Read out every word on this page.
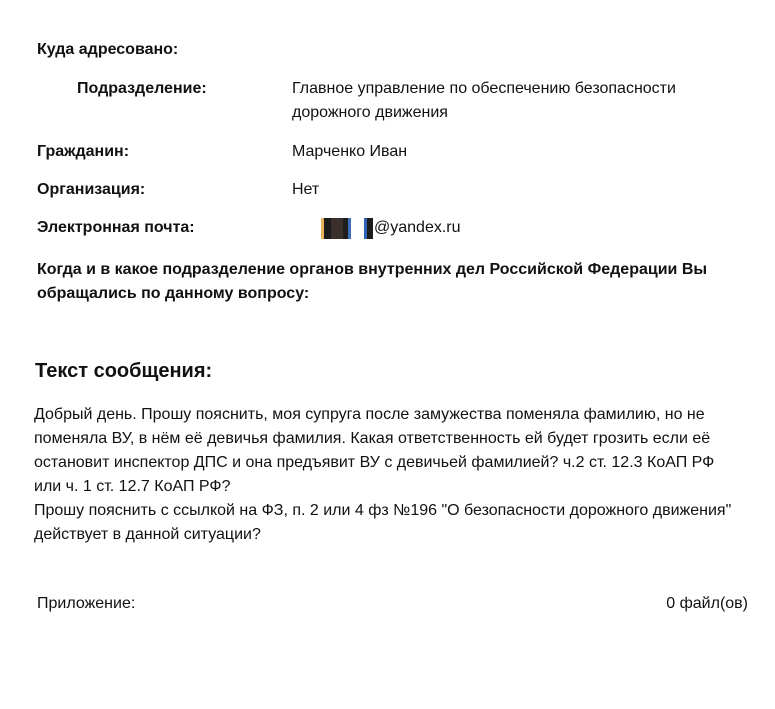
Куда адресовано:
Подразделение:	Главное управление по обеспечению безопасности
дорожного движения
Гражданин:	Марченко Иван
Организация:	Нет
Электронная почта:	@yandex.ru
Когда и в какое подразделение органов внутренних дел Российской Федерации Вы
обращались по данному вопросу:
Текст сообщения:

Добрый день. Прошу пояснить, моя супруга после замужества поменяла фамилию, но не

поменяла ВУ, в нём её девичья фамилия. Какая ответственность ей будет грозить если её

остановит инспектор ДПС и она предъявит ВУ с девичьей фамилией? ч.2 ст. 12.3 КоАП РФ

или ч. 1 ст. 12.7 КоАП РФ?

Прошу пояснить с ссылкой на ФЗ, п. 2 или 4 фз №196 "О безопасности дорожного движения"

действует в данной ситуации?

Приложение:	0 файл(ов)
